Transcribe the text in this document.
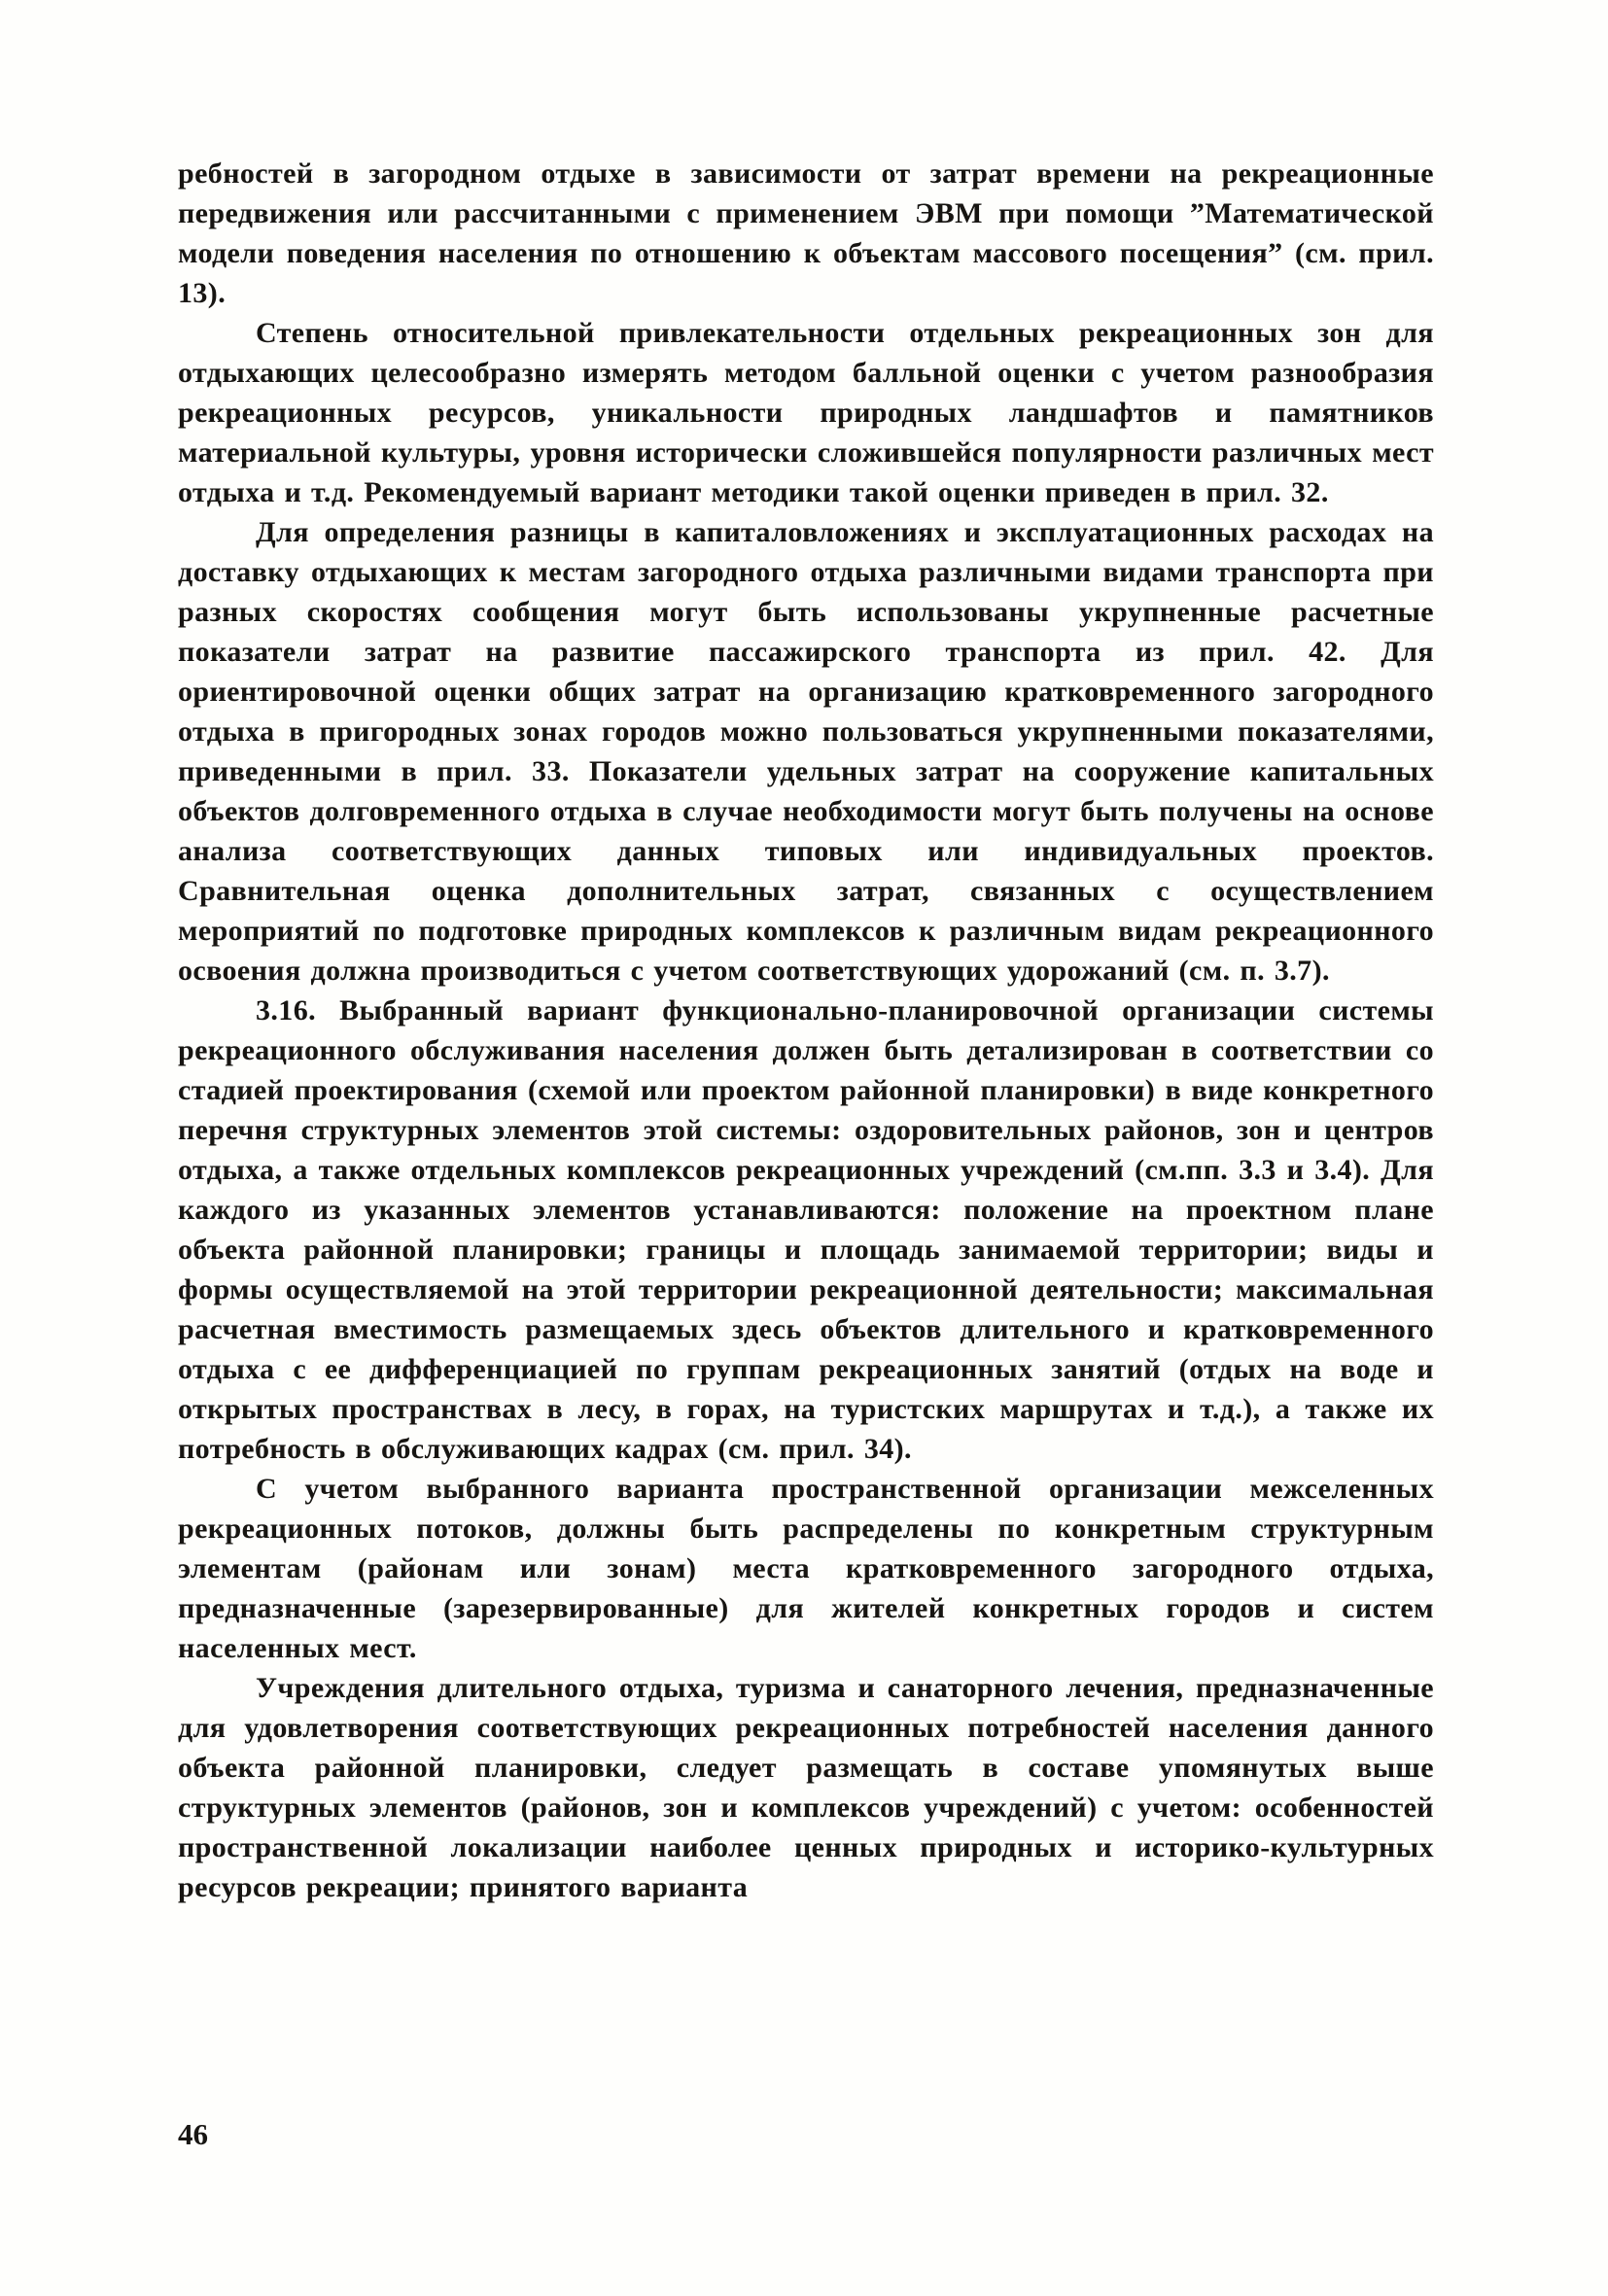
ребностей в загородном отдыхе в зависимости от затрат времени на рекреационные передвижения или рассчитанными с применением ЭВМ при помощи ”Математической модели поведения населения по отношению к объектам массового посещения” (см. прил. 13).

Степень относительной привлекательности отдельных рекреационных зон для отдыхающих целесообразно измерять методом балльной оценки с учетом разнообразия рекреационных ресурсов, уникальности природных ландшафтов и памятников материальной культуры, уровня исторически сложившейся популярности различных мест отдыха и т.д. Рекомендуемый вариант методики такой оценки приведен в прил. 32.

Для определения разницы в капиталовложениях и эксплуатационных расходах на доставку отдыхающих к местам загородного отдыха различными видами транспорта при разных скоростях сообщения могут быть использованы укрупненные расчетные показатели затрат на развитие пассажирского транспорта из прил. 42. Для ориентировочной оценки общих затрат на организацию кратковременного загородного отдыха в пригородных зонах городов можно пользоваться укрупненными показателями, приведенными в прил. 33. Показатели удельных затрат на сооружение капитальных объектов долговременного отдыха в случае необходимости могут быть получены на основе анализа соответствующих данных типовых или индивидуальных проектов. Сравнительная оценка дополнительных затрат, связанных с осуществлением мероприятий по подготовке природных комплексов к различным видам рекреационного освоения должна производиться с учетом соответствующих удорожаний (см. п. 3.7).

3.16. Выбранный вариант функционально-планировочной организации системы рекреационного обслуживания населения должен быть детализирован в соответствии со стадией проектирования (схемой или проектом районной планировки) в виде конкретного перечня структурных элементов этой системы: оздоровительных районов, зон и центров отдыха, а также отдельных комплексов рекреационных учреждений (см.пп. 3.3 и 3.4). Для каждого из указанных элементов устанавливаются: положение на проектном плане объекта районной планировки; границы и площадь занимаемой территории; виды и формы осуществляемой на этой территории рекреационной деятельности; максимальная расчетная вместимость размещаемых здесь объектов длительного и кратковременного отдыха с ее дифференциацией по группам рекреационных занятий (отдых на воде и открытых пространствах в лесу, в горах, на туристских маршрутах и т.д.), а также их потребность в обслуживающих кадрах (см. прил. 34).

С учетом выбранного варианта пространственной организации межселенных рекреационных потоков, должны быть распределены по конкретным структурным элементам (районам или зонам) места кратковременного загородного отдыха, предназначенные (зарезервированные) для жителей конкретных городов и систем населенных мест.

Учреждения длительного отдыха, туризма и санаторного лечения, предназначенные для удовлетворения соответствующих рекреационных потребностей населения данного объекта районной планировки, следует размещать в составе упомянутых выше структурных элементов (районов, зон и комплексов учреждений) с учетом: особенностей пространственной локализации наиболее ценных природных и историко-культурных ресурсов рекреации; принятого варианта

46
